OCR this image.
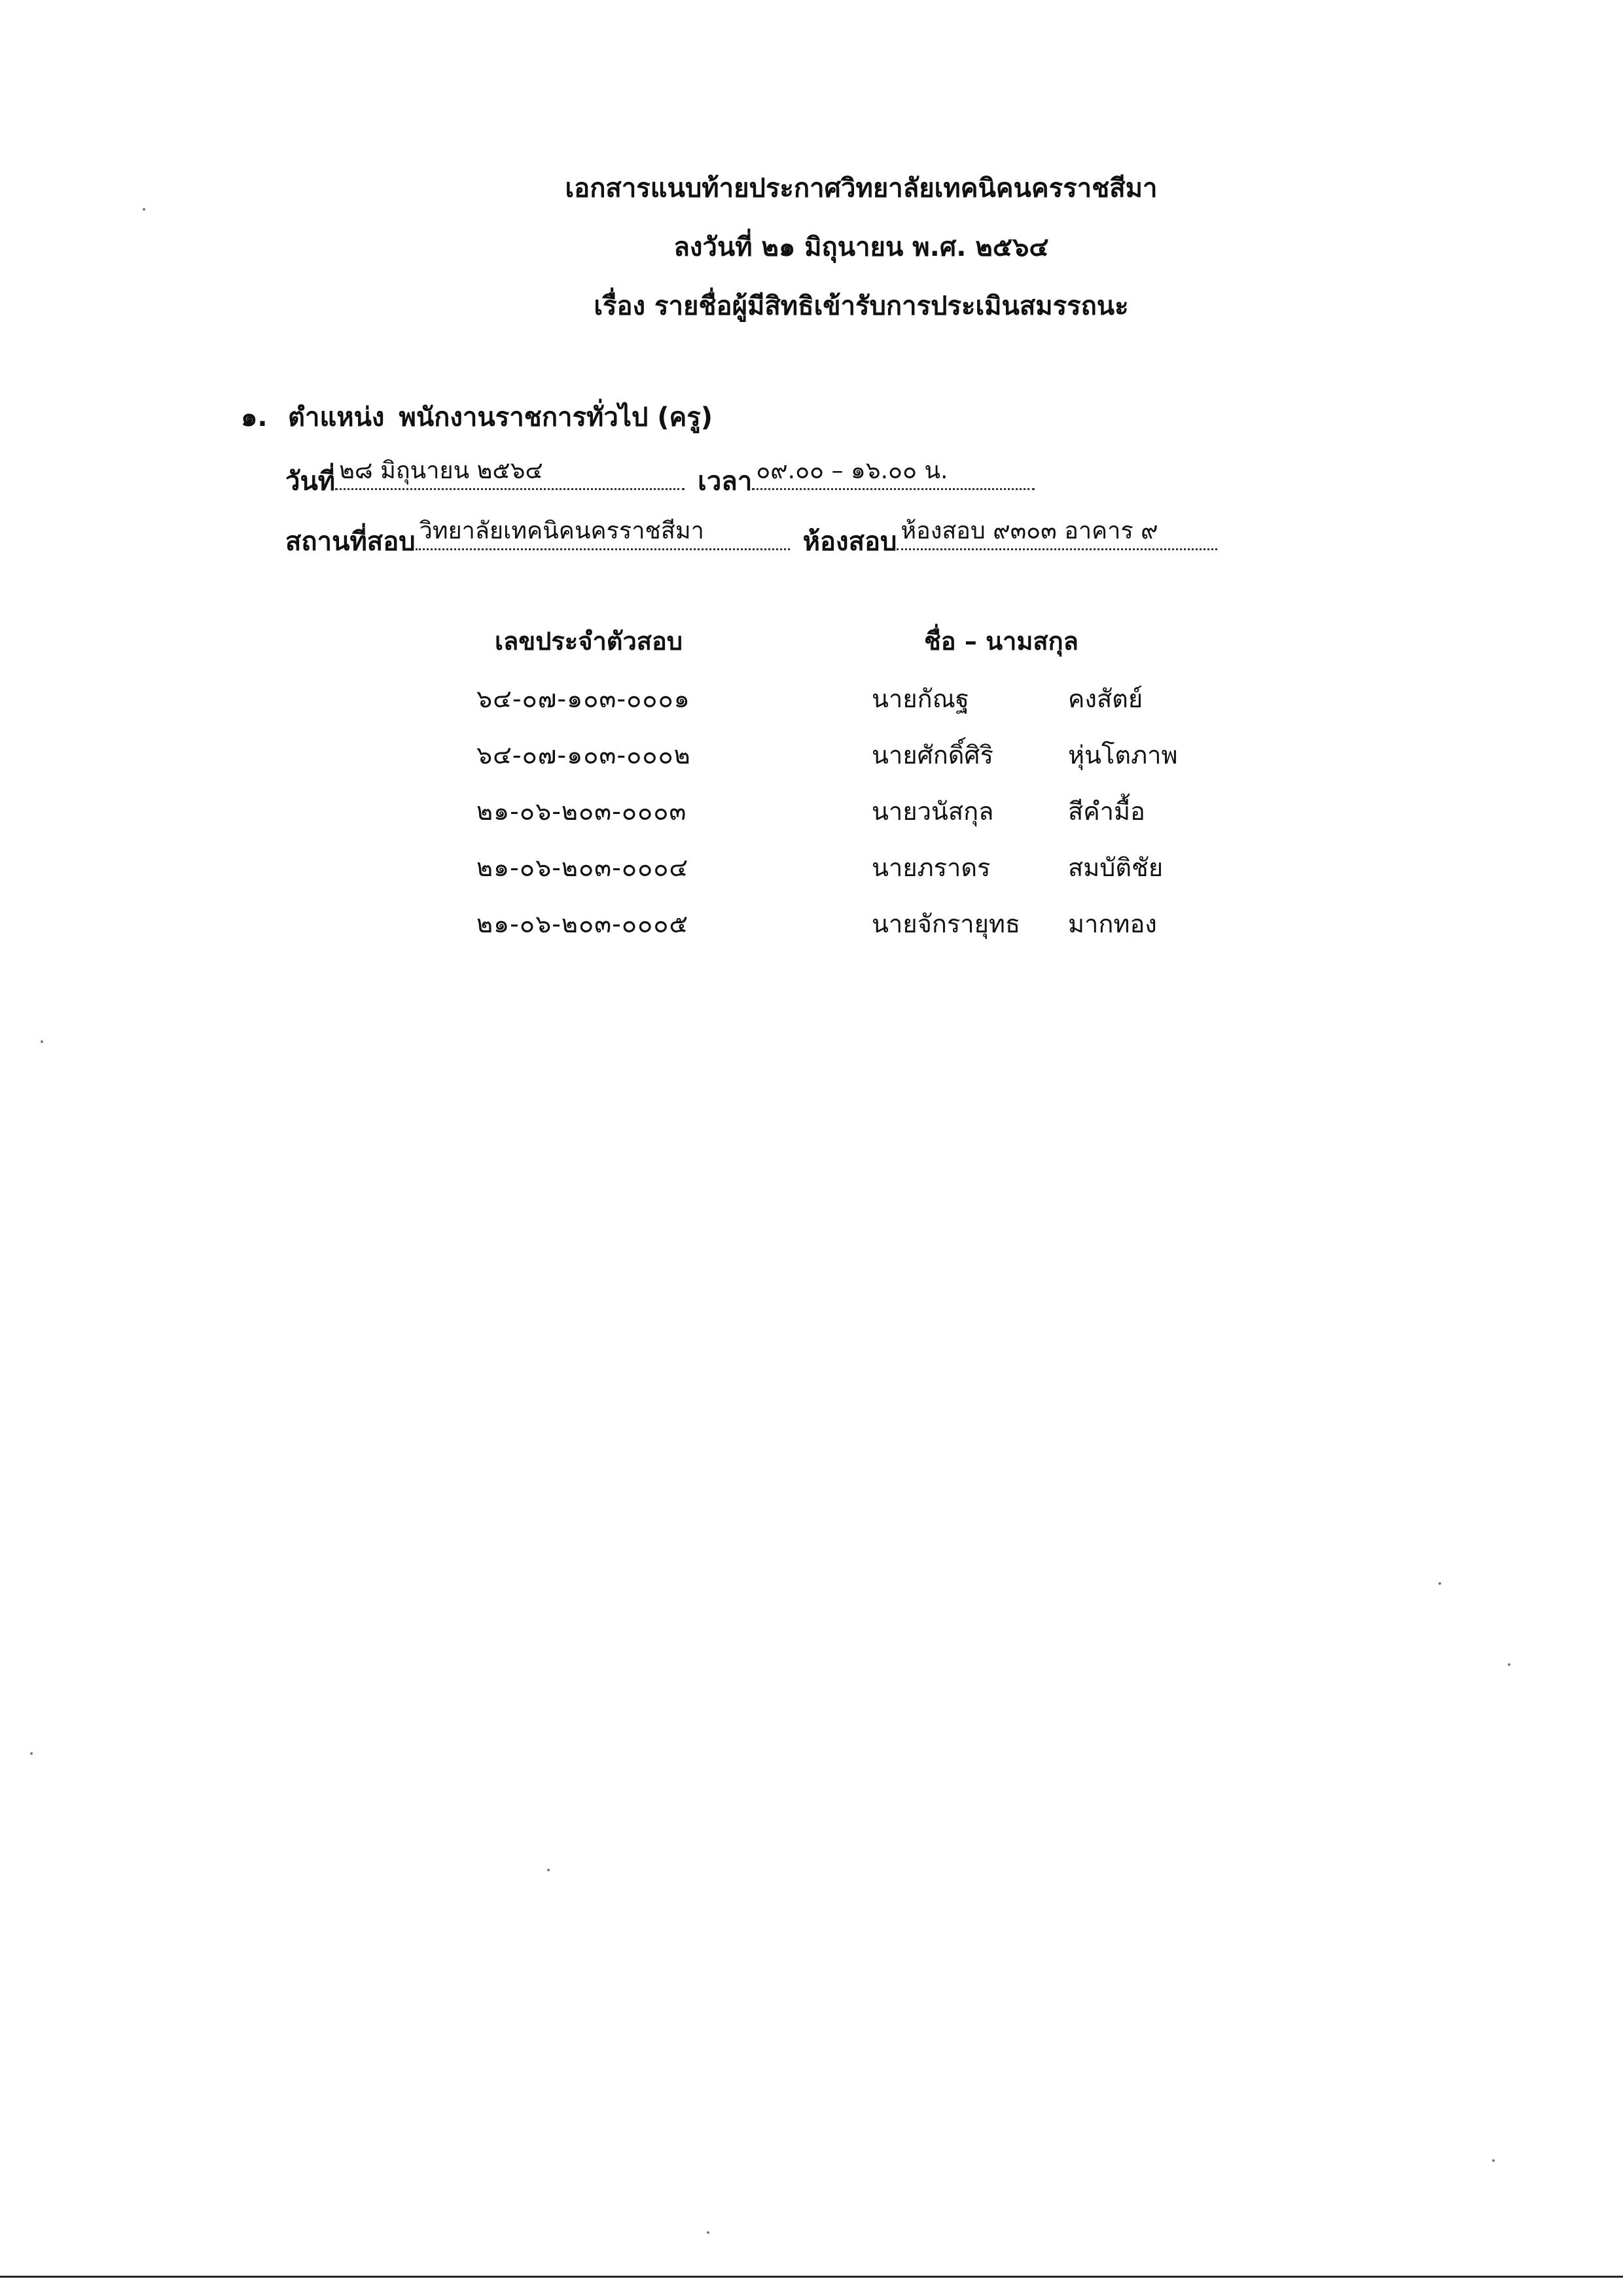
เอกสารแนบท้ายประกาศวิทยาลัยเทคนิคนครราชสีมา
ลงวันที่ ๒๑ มิถุนายน พ.ศ. ๒๕๖๔
เรื่อง รายชื่อผู้มีสิทธิเข้ารับการประเมินสมรรถนะ
๑. ตำแหน่ง พนักงานราชการทั่วไป (ครู)
วันที่ ๒๘ มิถุนายน ๒๕๖๔	เวลา ๐๙.๐๐ – ๑๖.๐๐ น.
สถานที่สอบ วิทยาลัยเทคนิคนครราชสีมา	ห้องสอบ ห้องสอบ ๙๓๐๓ อาคาร ๙
เลขประจำตัวสอบ	ชื่อ – นามสกุล
๖๔-๐๗-๑๐๓-๐๐๐๑	นายกัณฐ	คงสัตย์
๖๔-๐๗-๑๐๓-๐๐๐๒	นายศักดิ์ศิริ	หุ่นโตภาพ
๒๑-๐๖-๒๐๓-๐๐๐๓	นายวนัสกุล	สีคำมื้อ
๒๑-๐๖-๒๐๓-๐๐๐๔	นายภราดร	สมบัติชัย
๒๑-๐๖-๒๐๓-๐๐๐๕	นายจักรายุทธ มากทอง
